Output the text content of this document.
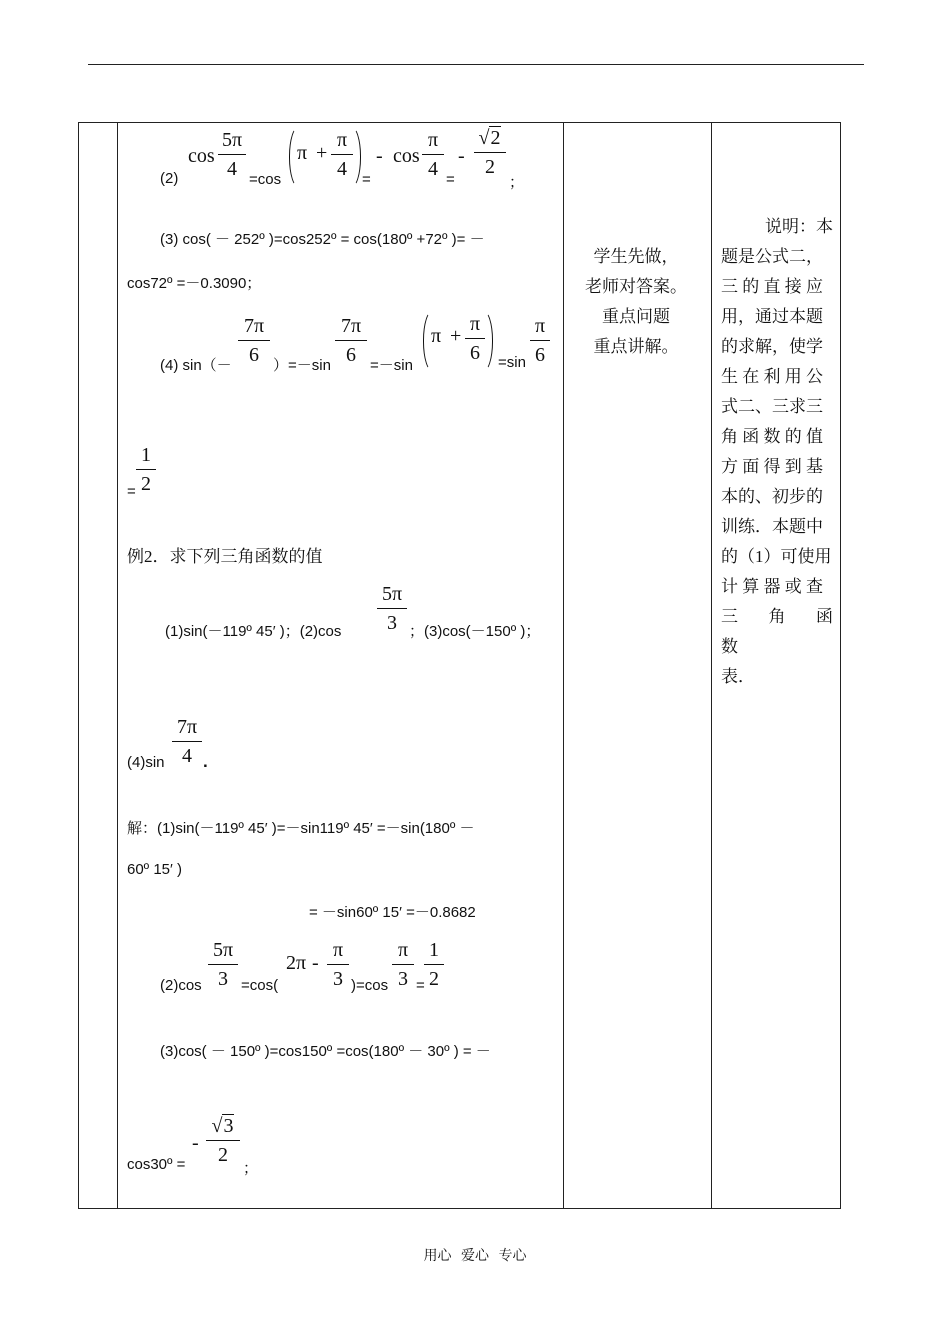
(2)
cos
5π
4 =cos
π +
π
4	=
- cos
π
4 =
-
√2
2
；
(3) cos( － 252º )=cos252º = cos(180º +72º )= －
cos72º =－0.3090；
(4) sin（－
7π
6 ）=－sin
7π
6 =－sin
π +
π
6	=sin
π
6
=
1
2
例2．求下列三角函数的值
(1)sin(－119º 45′ )；(2)cos
5π
3 ；(3)cos(－150º )；
(4)sin
7π
4 .
解：(1)sin(－119º 45′ )=－sin119º 45′ =－sin(180º －
60º 15′ )
= －sin60º 15′ =－0.8682
(2)cos
5π
3 =cos(
2π -
π
3 )=cos
π
3 =
1
2
(3)cos( － 150º )=cos150º =cos(180º － 30º ) = －
cos30º =
-
√3
2
；
学生先做，
老师对答案。
重点问题
重点讲解。
说明：本
题是公式二，
三 的 直 接 应
用，通过本题
的求解，使学
生 在 利 用 公
式二、三求三
角 函 数 的 值
方 面 得 到 基
本的、初步的
训练．本题中
的（1）可使用
计 算 器 或 查
三　角　函　数
表．
用心 爱心 专心
